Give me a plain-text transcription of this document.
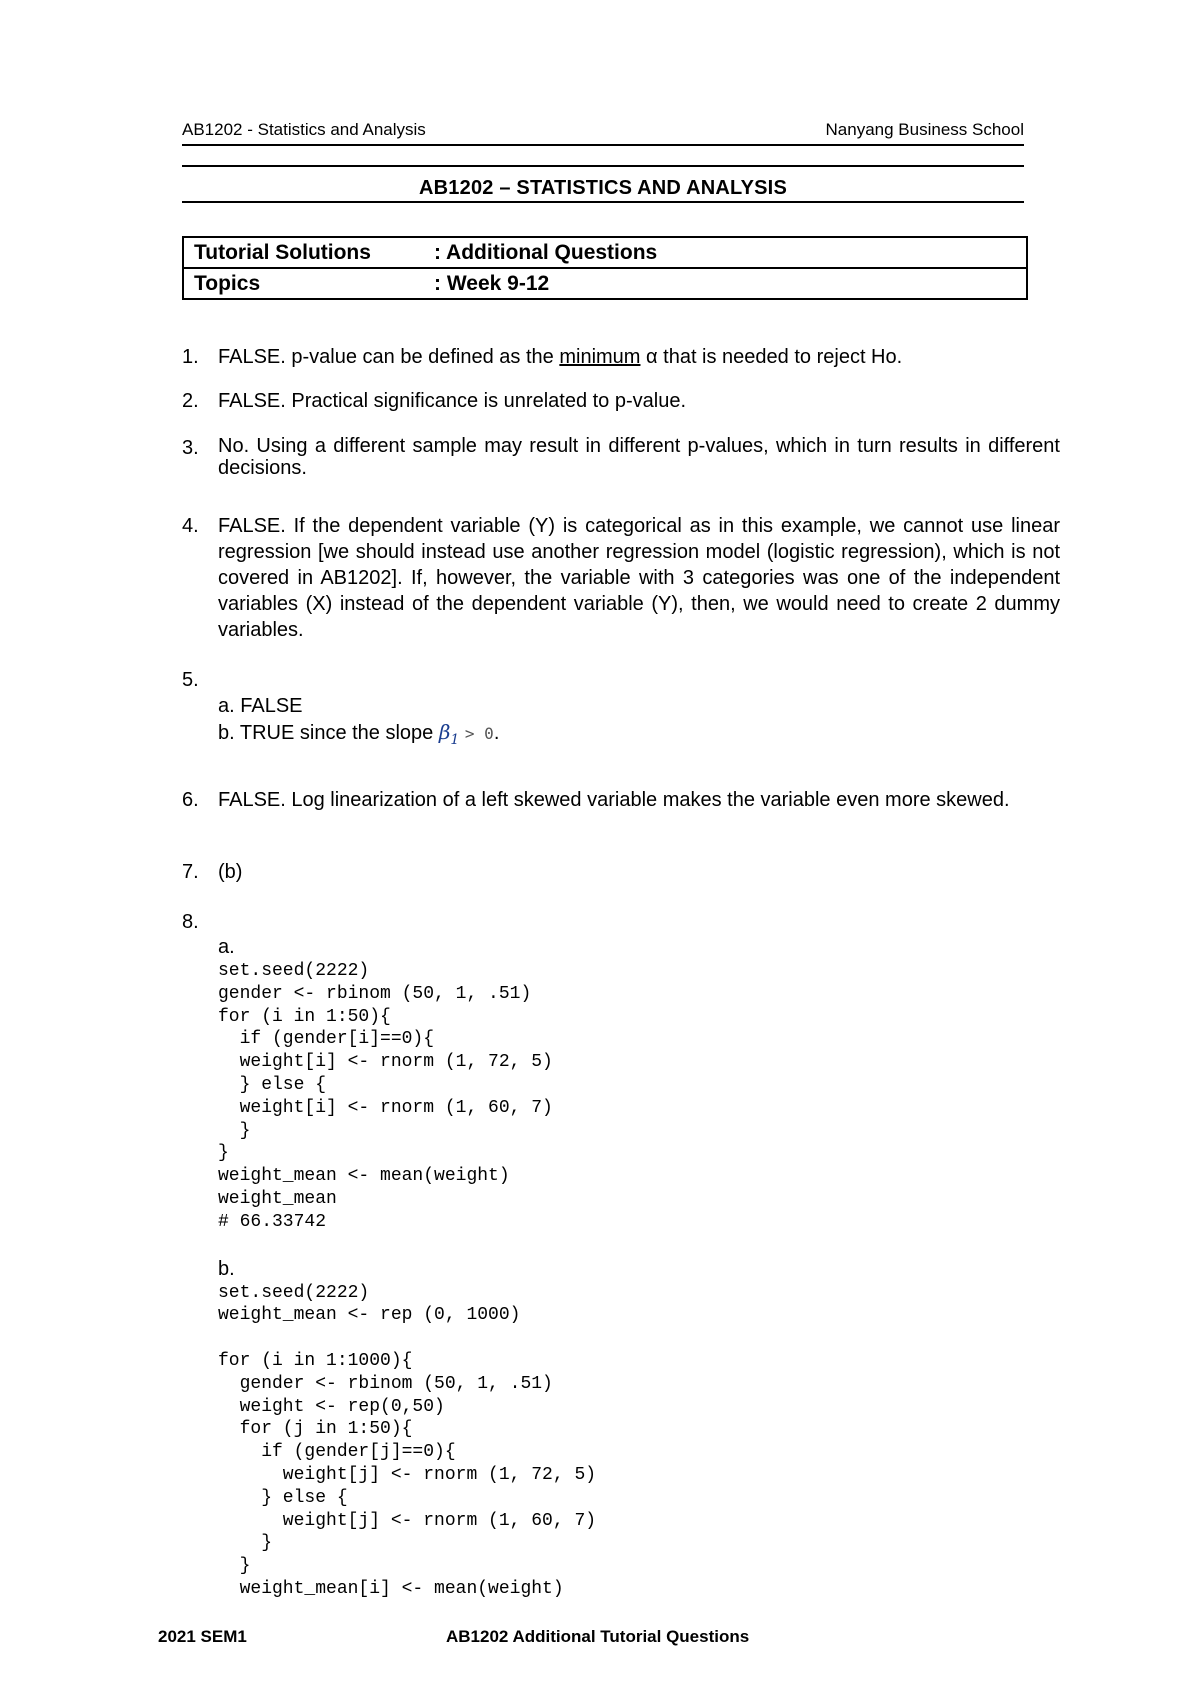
AB1202 - Statistics and Analysis	Nanyang Business School
AB1202 – STATISTICS AND ANALYSIS
Tutorial Solutions	: Additional Questions
Topics	: Week 9-12
1. FALSE. p-value can be defined as the minimum α that is needed to reject Ho.
2. FALSE. Practical significance is unrelated to p-value.
3. No. Using a different sample may result in different p-values, which in turn results in different decisions.
4. FALSE. If the dependent variable (Y) is categorical as in this example, we cannot use linear regression [we should instead use another regression model (logistic regression), which is not covered in AB1202]. If, however, the variable with 3 categories was one of the independent variables (X) instead of the dependent variable (Y), then, we would need to create 2 dummy variables.
5.
a. FALSE
b. TRUE since the slope $\beta_1 > 0$.
6. FALSE. Log linearization of a left skewed variable makes the variable even more skewed.
7. (b)
8.
a.
set.seed(2222)
gender <- rbinom (50, 1, .51)
for (i in 1:50){
if (gender[i]==0){
weight[i] <- rnorm (1, 72, 5)
} else {
weight[i] <- rnorm (1, 60, 7)
}
}
weight_mean <- mean(weight)
weight_mean
# 66.33742
b.
set.seed(2222)
weight_mean <- rep (0, 1000)

for (i in 1:1000){
gender <- rbinom (50, 1, .51)
weight <- rep(0,50)
for (j in 1:50){
if (gender[j]==0){
weight[j] <- rnorm (1, 72, 5)
} else {
weight[j] <- rnorm (1, 60, 7)
}
}
weight_mean[i] <- mean(weight)
2021 SEM1	AB1202 Additional Tutorial Questions
